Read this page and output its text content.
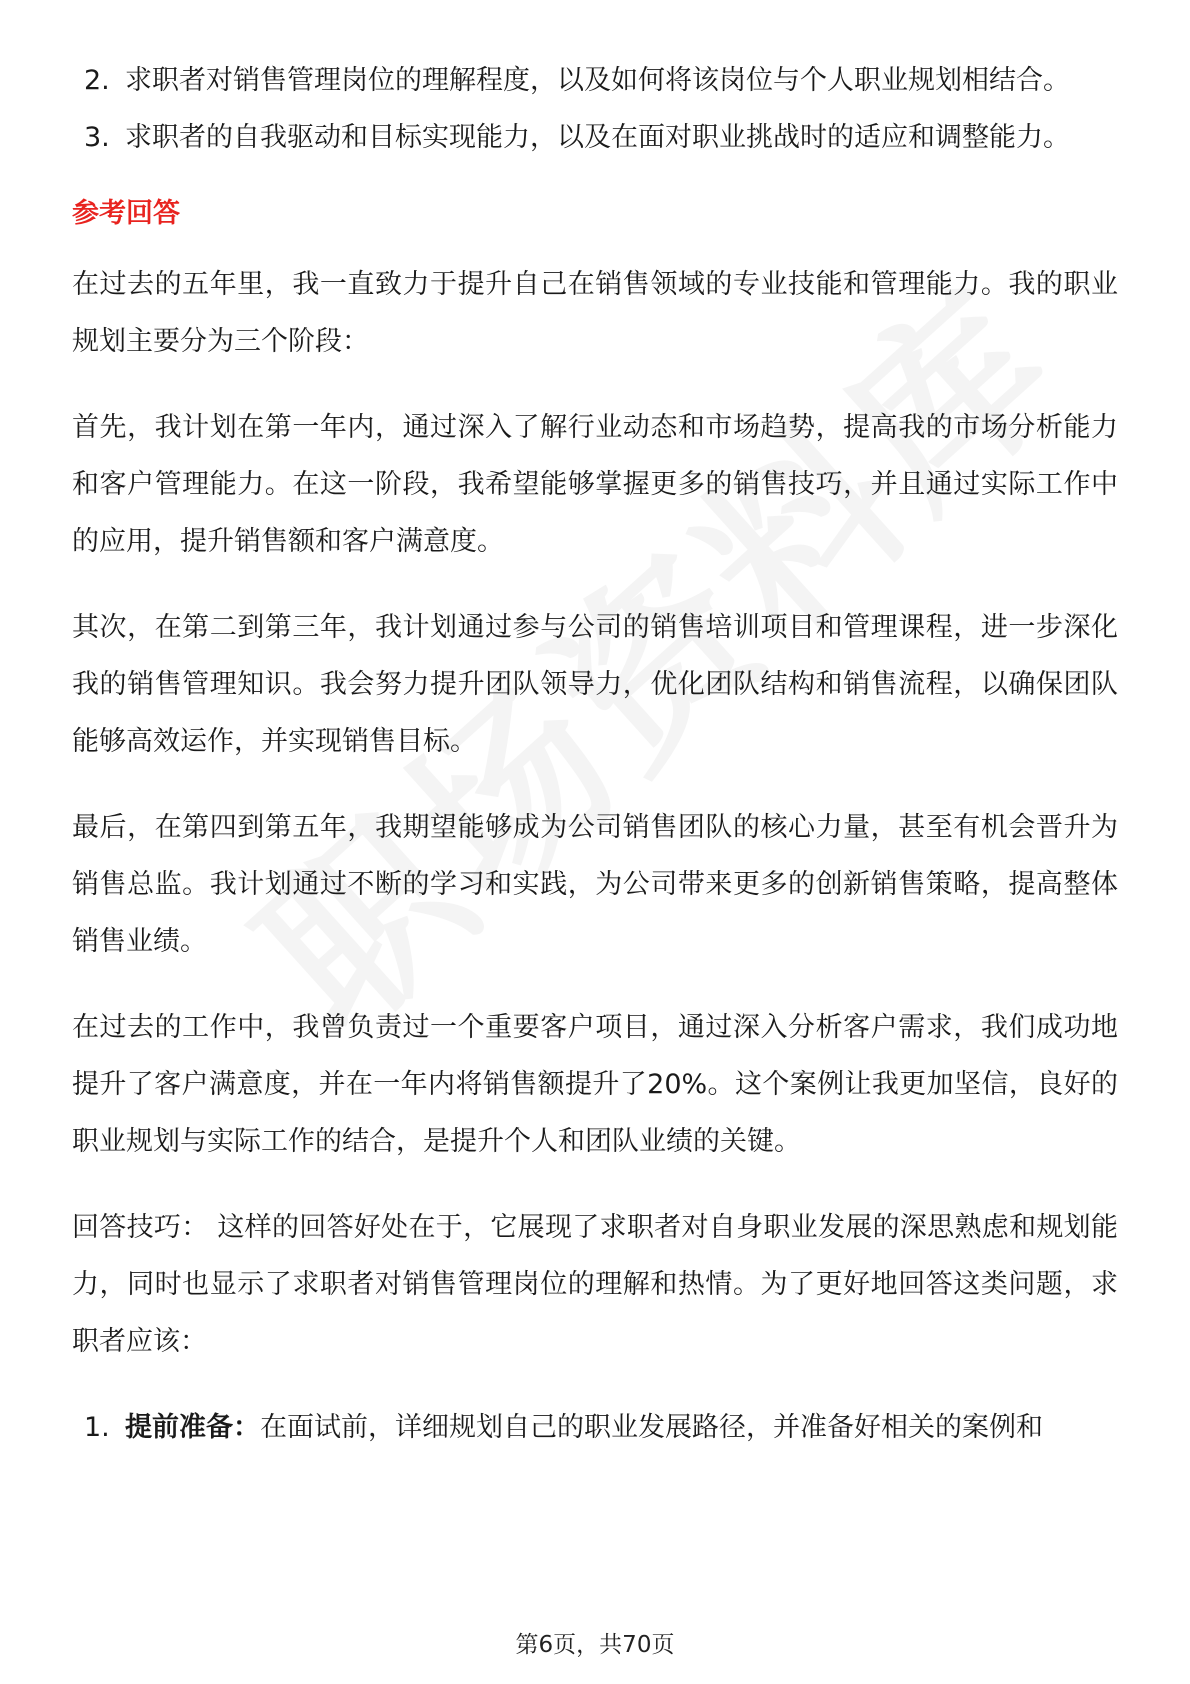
2. 求职者对销售管理岗位的理解程度，以及如何将该岗位与个人职业规划相结合。
3. 求职者的自我驱动和目标实现能力，以及在面对职业挑战时的适应和调整能力。
参考回答

在过去的五年里，我一直致力于提升自己在销售领域的专业技能和管理能力。我的职业规划主要分为三个阶段：

首先，我计划在第一年内，通过深入了解行业动态和市场趋势，提高我的市场分析能力和客户管理能力。在这一阶段，我希望能够掌握更多的销售技巧，并且通过实际工作中的应用，提升销售额和客户满意度。

其次，在第二到第三年，我计划通过参与公司的销售培训项目和管理课程，进一步深化我的销售管理知识。我会努力提升团队领导力，优化团队结构和销售流程，以确保团队能够高效运作，并实现销售目标。

最后，在第四到第五年，我期望能够成为公司销售团队的核心力量，甚至有机会晋升为销售总监。我计划通过不断的学习和实践，为公司带来更多的创新销售策略，提高整体销售业绩。

在过去的工作中，我曾负责过一个重要客户项目，通过深入分析客户需求，我们成功地提升了客户满意度，并在一年内将销售额提升了20%。这个案例让我更加坚信，良好的职业规划与实际工作的结合，是提升个人和团队业绩的关键。

回答技巧： 这样的回答好处在于，它展现了求职者对自身职业发展的深思熟虑和规划能力，同时也显示了求职者对销售管理岗位的理解和热情。为了更好地回答这类问题，求职者应该：

1. 提前准备：在面试前，详细规划自己的职业发展路径，并准备好相关的案例和
第6页，共70页
